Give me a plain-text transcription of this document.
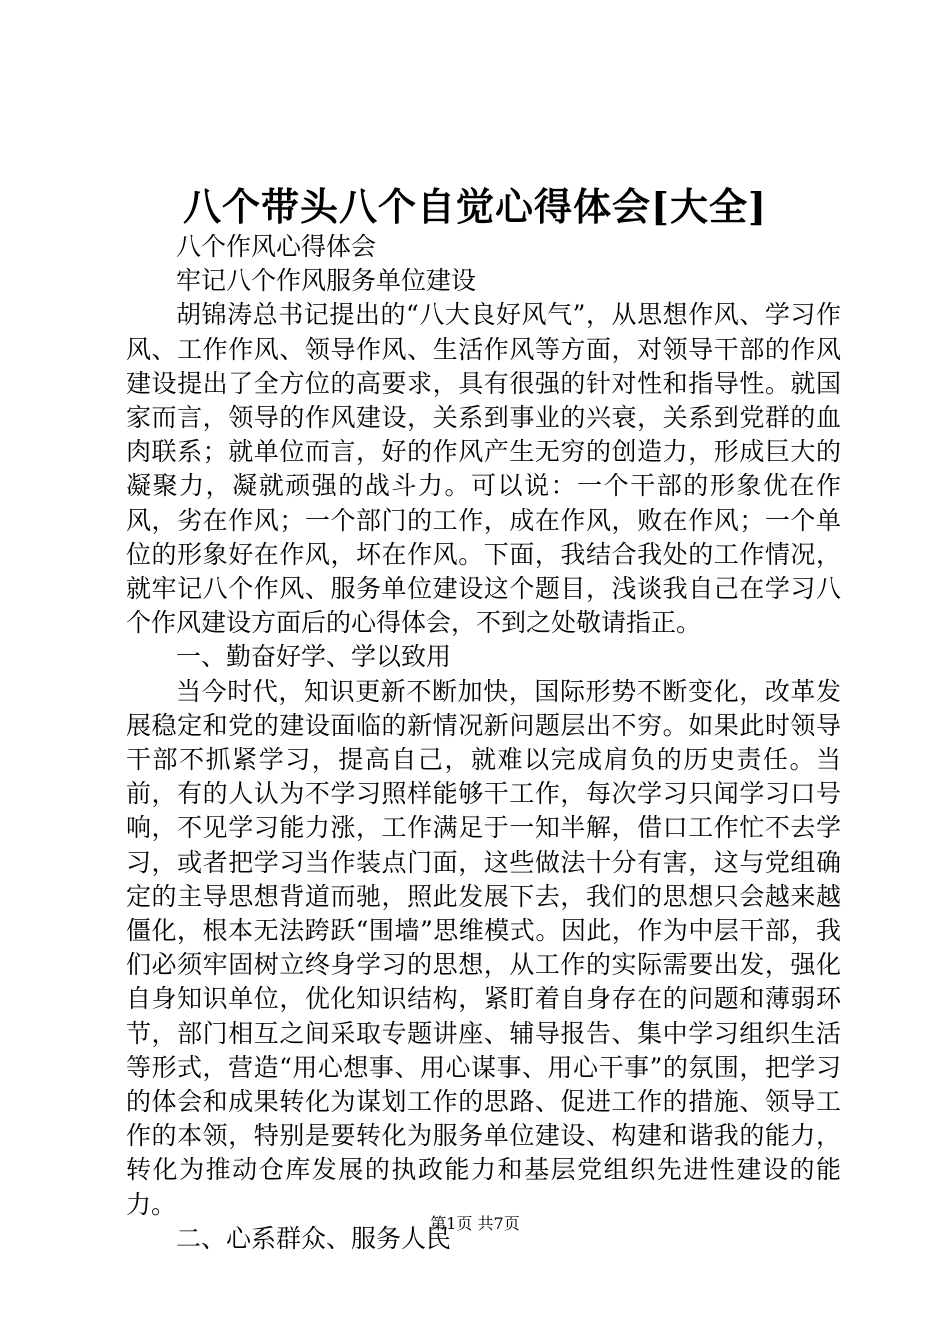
八个带头八个自觉心得体会[大全]

八个作风心得体会

牢记八个作风服务单位建设

胡锦涛总书记提出的“八大良好风气”，从思想作风、学习作风、工作作风、领导作风、生活作风等方面，对领导干部的作风建设提出了全方位的高要求，具有很强的针对性和指导性。就国家而言，领导的作风建设，关系到事业的兴衰，关系到党群的血肉联系；就单位而言，好的作风产生无穷的创造力，形成巨大的凝聚力，凝就顽强的战斗力。可以说：一个干部的形象优在作风，劣在作风；一个部门的工作，成在作风，败在作风；一个单位的形象好在作风，坏在作风。下面，我结合我处的工作情况，就牢记八个作风、服务单位建设这个题目，浅谈我自己在学习八个作风建设方面后的心得体会，不到之处敬请指正。

一、勤奋好学、学以致用

当今时代，知识更新不断加快，国际形势不断变化，改革发展稳定和党的建设面临的新情况新问题层出不穷。如果此时领导干部不抓紧学习，提高自己，就难以完成肩负的历史责任。当前，有的人认为不学习照样能够干工作，每次学习只闻学习口号响，不见学习能力涨，工作满足于一知半解，借口工作忙不去学习，或者把学习当作装点门面，这些做法十分有害，这与党组确定的主导思想背道而驰，照此发展下去，我们的思想只会越来越僵化，根本无法跨跃“围墙”思维模式。因此，作为中层干部，我们必须牢固树立终身学习的思想，从工作的实际需要出发，强化自身知识单位，优化知识结构，紧盯着自身存在的问题和薄弱环节，部门相互之间采取专题讲座、辅导报告、集中学习组织生活等形式，营造“用心想事、用心谋事、用心干事”的氛围，把学习的体会和成果转化为谋划工作的思路、促进工作的措施、领导工作的本领，特别是要转化为服务单位建设、构建和谐我的能力，转化为推动仓库发展的执政能力和基层党组织先进性建设的能力。

二、心系群众、服务人民

第1页 共7页
